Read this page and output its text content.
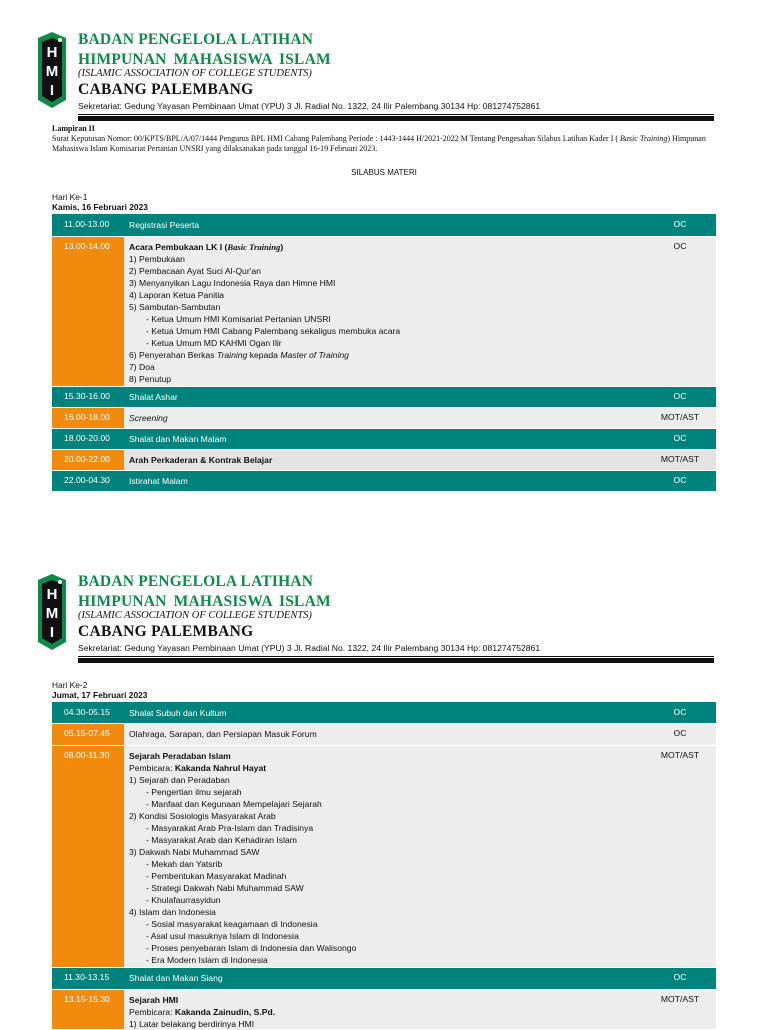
H
M
I
BADAN PENGELOLA LATIHAN
HIMPUNAN MAHASISWA ISLAM
(ISLAMIC ASSOCIATION OF COLLEGE STUDENTS)
CABANG PALEMBANG
Sekretariat: Gedung Yayasan Pembinaan Umat (YPU) 3 Jl. Radial No. 1322, 24 Ilir Palembang 30134 Hp: 081274752861
Lampiran II
Surat Keputusan Nomor: 00/KPTS/BPL/A/07/1444 Pengurus BPL HMI Cabang Palembang Periode : 1443-1444 H/2021-2022 M Tentang Pengesahan Silabus Latihan Kader I ( Basic Training) Himpunan Mahasiswa Islam Komisariat Pertanian UNSRI yang dilaksanakan pada tanggal 16-19 Februari 2023.
SILABUS MATERI
Hari Ke-1
Kamis, 16 Februari 2023
11.00-13.00	Registrasi Peserta	OC
13.00-14.00	Acara Pembukaan LK I (Basic Training)
1) Pembukaan
2) Pembacaan Ayat Suci Al-Qur'an
3) Menyanyikan Lagu Indonesia Raya dan Himne HMI
4) Laporan Ketua Panitia
5) Sambutan-Sambutan
- Ketua Umum HMI Komisariat Pertanian UNSRI
- Ketua Umum HMI Cabang Palembang sekaligus membuka acara
- Ketua Umum MD KAHMI Ogan Ilir
6) Penyerahan Berkas Training kepada Master of Training
7) Doa
8) Penutup
OC
15.30-16.00	Shalat Ashar	OC
16.00-18.00	Screening	MOT/AST
18.00-20.00	Shalat dan Makan Malam	OC
20.00-22.00	Arah Perkaderan & Kontrak Belajar	MOT/AST
22.00-04.30	Istirahat Malam	OC
H
M
I
BADAN PENGELOLA LATIHAN
HIMPUNAN MAHASISWA ISLAM
(ISLAMIC ASSOCIATION OF COLLEGE STUDENTS)
CABANG PALEMBANG
Sekretariat: Gedung Yayasan Pembinaan Umat (YPU) 3 Jl. Radial No. 1322, 24 Ilir Palembang 30134 Hp: 081274752861
Hari Ke-2
Jumat, 17 Februari 2023
04.30-05.15	Shalat Subuh dan Kultum	OC
05.15-07.45	Olahraga, Sarapan, dan Persiapan Masuk Forum	OC
08.00-11.30	Sejarah Peradaban Islam
Pembicara: Kakanda Nahrul Hayat
1) Sejarah dan Peradaban
- Pengertian ilmu sejarah
- Manfaat dan Kegunaan Mempelajari Sejarah
2) Kondisi Sosiologis Masyarakat Arab
- Masyarakat Arab Pra-Islam dan Tradisinya
- Masyarakat Arab dan Kehadiran Islam
3) Dakwah Nabi Muhammad SAW
- Mekah dan Yatsrib
- Pembentukan Masyarakat Madinah
- Strategi Dakwah Nabi Muhammad SAW
- Khulafaurrasyidun
4) Islam dan Indonesia
- Sosial masyarakat keagamaan di Indonesia
- Asal usul masuknya Islam di Indonesia
- Proses penyebaran Islam di Indonesia dan Walisongo
- Era Modern Islam di Indonesia
MOT/AST
11.30-13.15	Shalat dan Makan Siang	OC
13.15-15.30	Sejarah HMI
Pembicara: Kakanda Zainudin, S.Pd.
1) Latar belakang berdirinya HMI
MOT/AST
